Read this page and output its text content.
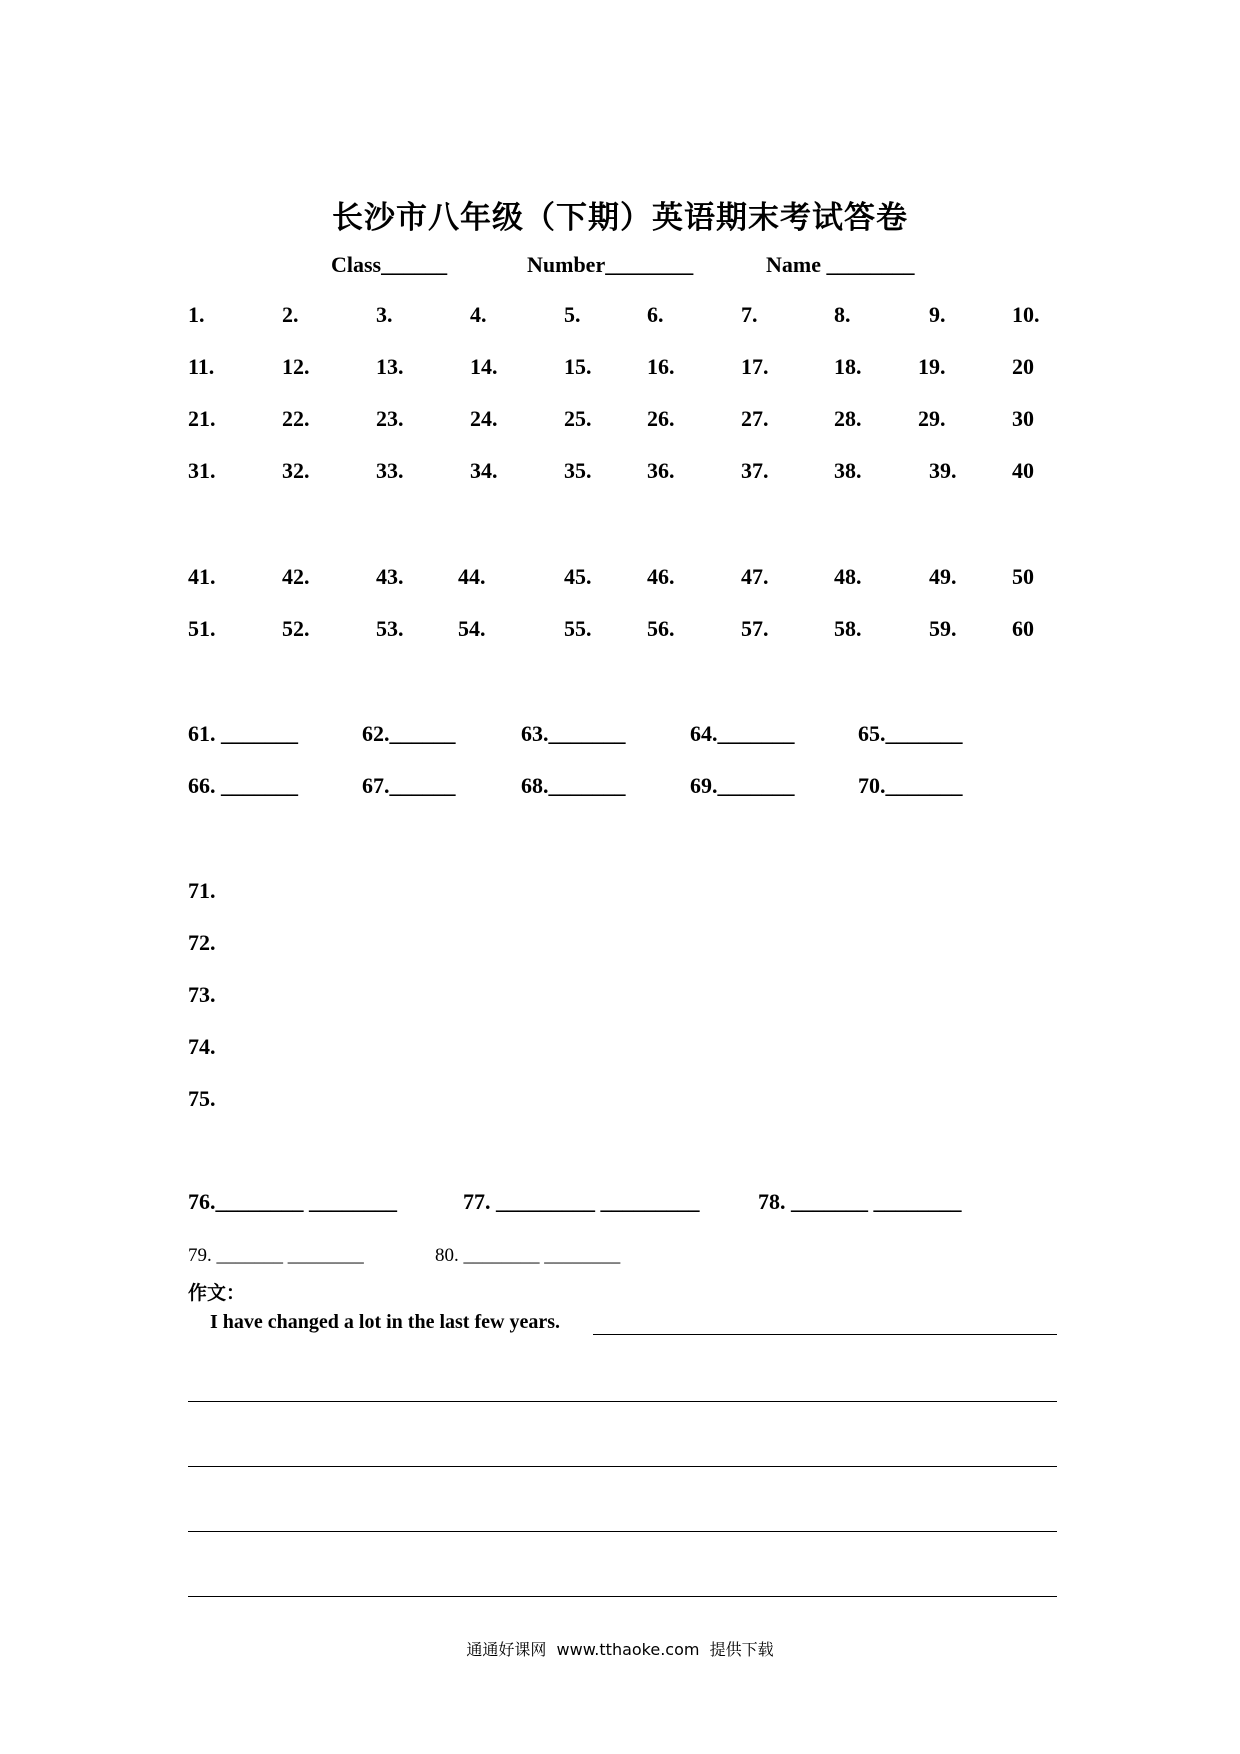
长沙市八年级（下期）英语期末考试答卷
Class______	Number________	Name ________
1.	2.	3.	4.	5.	6.	7.	8.	9.	10.
11.	12.	13.	14.	15.	16.	17.	18.	19.	20
21.	22.	23.	24.	25.	26.	27.	28.	29.	30
31.	32.	33.	34.	35.	36.	37.	38.	39.	40
41.	42.	43. 44.	45.	46.	47.	48.	49.	50
51.	52.	53. 54.	55.	56.	57.	58.	59.	60
61. _______	62.______	63._______	64._______	65._______
66. _______	67.______	68._______	69._______	70._______
71.
72.
73.
74.
75.
76.________ ________	77. _________ _________	78. _______ ________
79. _______ ________	80. ________ ________
作文：
I have changed a lot in the last few years.
通通好课网  www.tthaoke.com  提供下载
